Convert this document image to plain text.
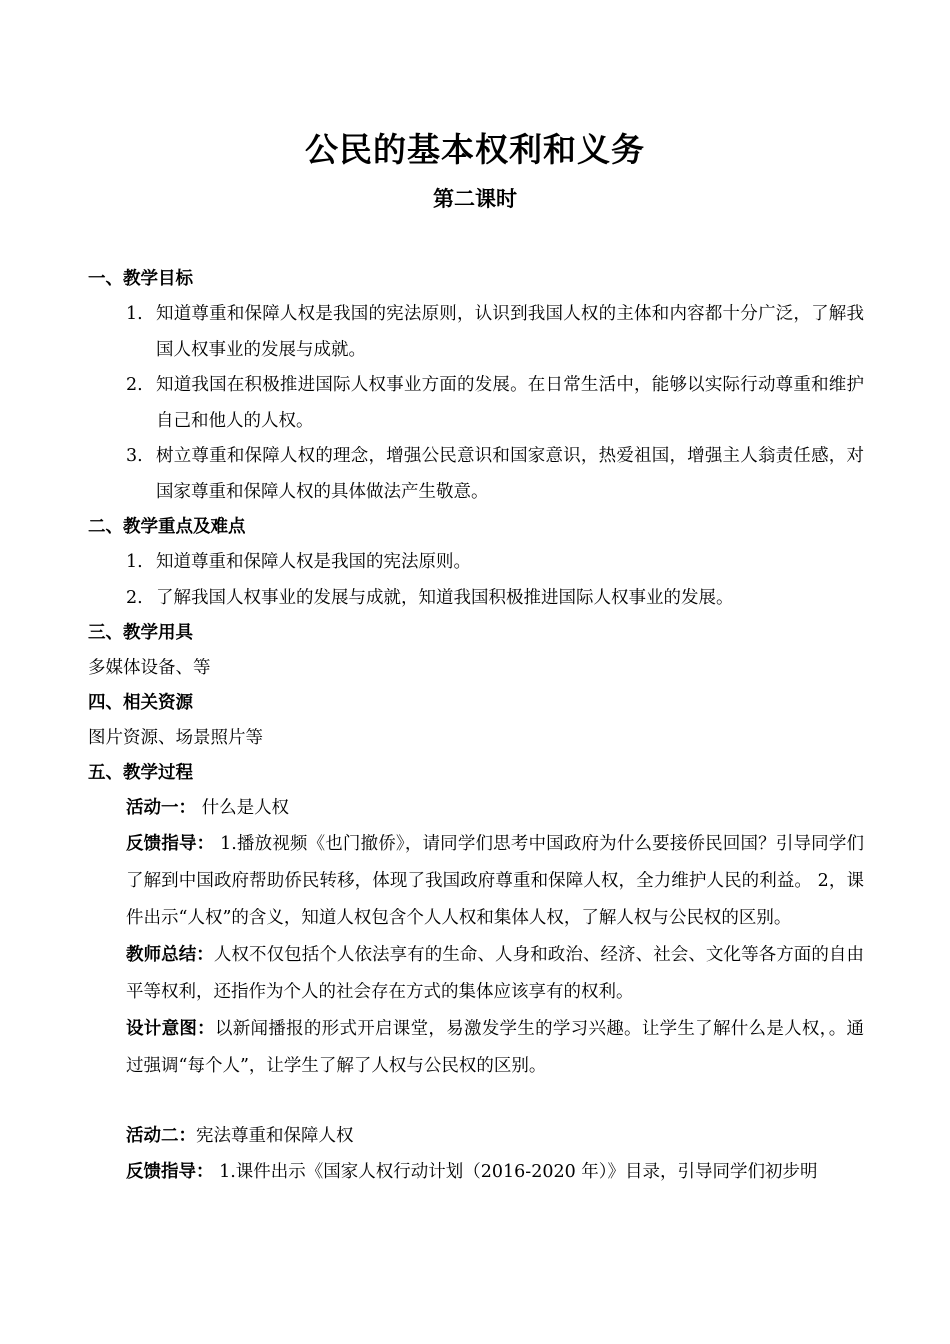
公民的基本权利和义务
第二课时
一、教学目标
1. 知道尊重和保障人权是我国的宪法原则，认识到我国人权的主体和内容都十分广泛，了解我国人权事业的发展与成就。
2. 知道我国在积极推进国际人权事业方面的发展。在日常生活中，能够以实际行动尊重和维护自己和他人的人权。
3. 树立尊重和保障人权的理念，增强公民意识和国家意识，热爱祖国，增强主人翁责任感，对国家尊重和保障人权的具体做法产生敬意。
二、教学重点及难点
1. 知道尊重和保障人权是我国的宪法原则。
2. 了解我国人权事业的发展与成就，知道我国积极推进国际人权事业的发展。
三、教学用具
多媒体设备、等
四、相关资源
图片资源、场景照片等
五、教学过程
活动一： 什么是人权
反馈指导： 1.播放视频《也门撤侨》，请同学们思考中国政府为什么要接侨民回国？引导同学们了解到中国政府帮助侨民转移，体现了我国政府尊重和保障人权，全力维护人民的利益。 2，课件出示“人权”的含义，知道人权包含个人人权和集体人权，了解人权与公民权的区别。
教师总结：人权不仅包括个人依法享有的生命、人身和政治、经济、社会、文化等各方面的自由平等权利，还指作为个人的社会存在方式的集体应该享有的权利。
设计意图：以新闻播报的形式开启课堂，易激发学生的学习兴趣。让学生了解什么是人权，。通过强调“每个人”，让学生了解了人权与公民权的区别。
活动二：宪法尊重和保障人权
反馈指导： 1.课件出示《国家人权行动计划（2016-2020 年）》目录，引导同学们初步明
